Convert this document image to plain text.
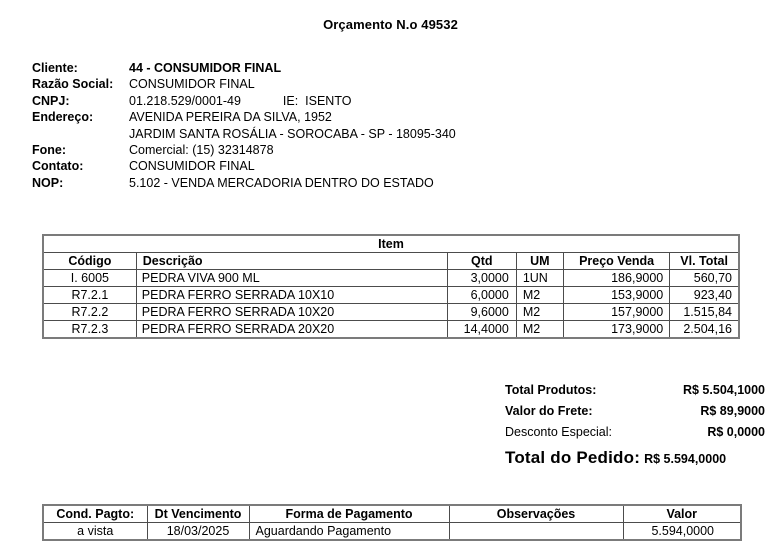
Orçamento N.o 49532
Cliente:	44 - CONSUMIDOR FINAL
Razão Social:	CONSUMIDOR FINAL
CNPJ:	01.218.529/0001-49	IE:  ISENTO
Endereço:	AVENIDA PEREIRA DA SILVA, 1952
JARDIM SANTA ROSÁLIA - SOROCABA - SP - 18095-340
Fone:	Comercial: (15) 32314878
Contato:	CONSUMIDOR FINAL
NOP:	5.102 - VENDA MERCADORIA DENTRO DO ESTADO
Item					
Código	Descrição	Qtd	UM	Preço Venda	Vl. Total
I. 6005	PEDRA VIVA 900 ML	3,0000	1UN	186,9000	560,70
R7.2.1	PEDRA FERRO SERRADA 10X10	6,0000	M2	153,9000	923,40
R7.2.2	PEDRA FERRO SERRADA 10X20	9,6000	M2	157,9000	1.515,84
R7.2.3	PEDRA FERRO SERRADA 20X20	14,4000	M2	173,9000	2.504,16
Total Produtos:	R$ 5.504,1000
Valor do Frete:	R$ 89,9000
Desconto Especial:	R$ 0,0000
Total do Pedido: R$ 5.594,0000
Cond. Pagto:	Dt Vencimento	Forma de Pagamento	Observações	Valor
a vista	18/03/2025	Aguardando Pagamento		5.594,0000
